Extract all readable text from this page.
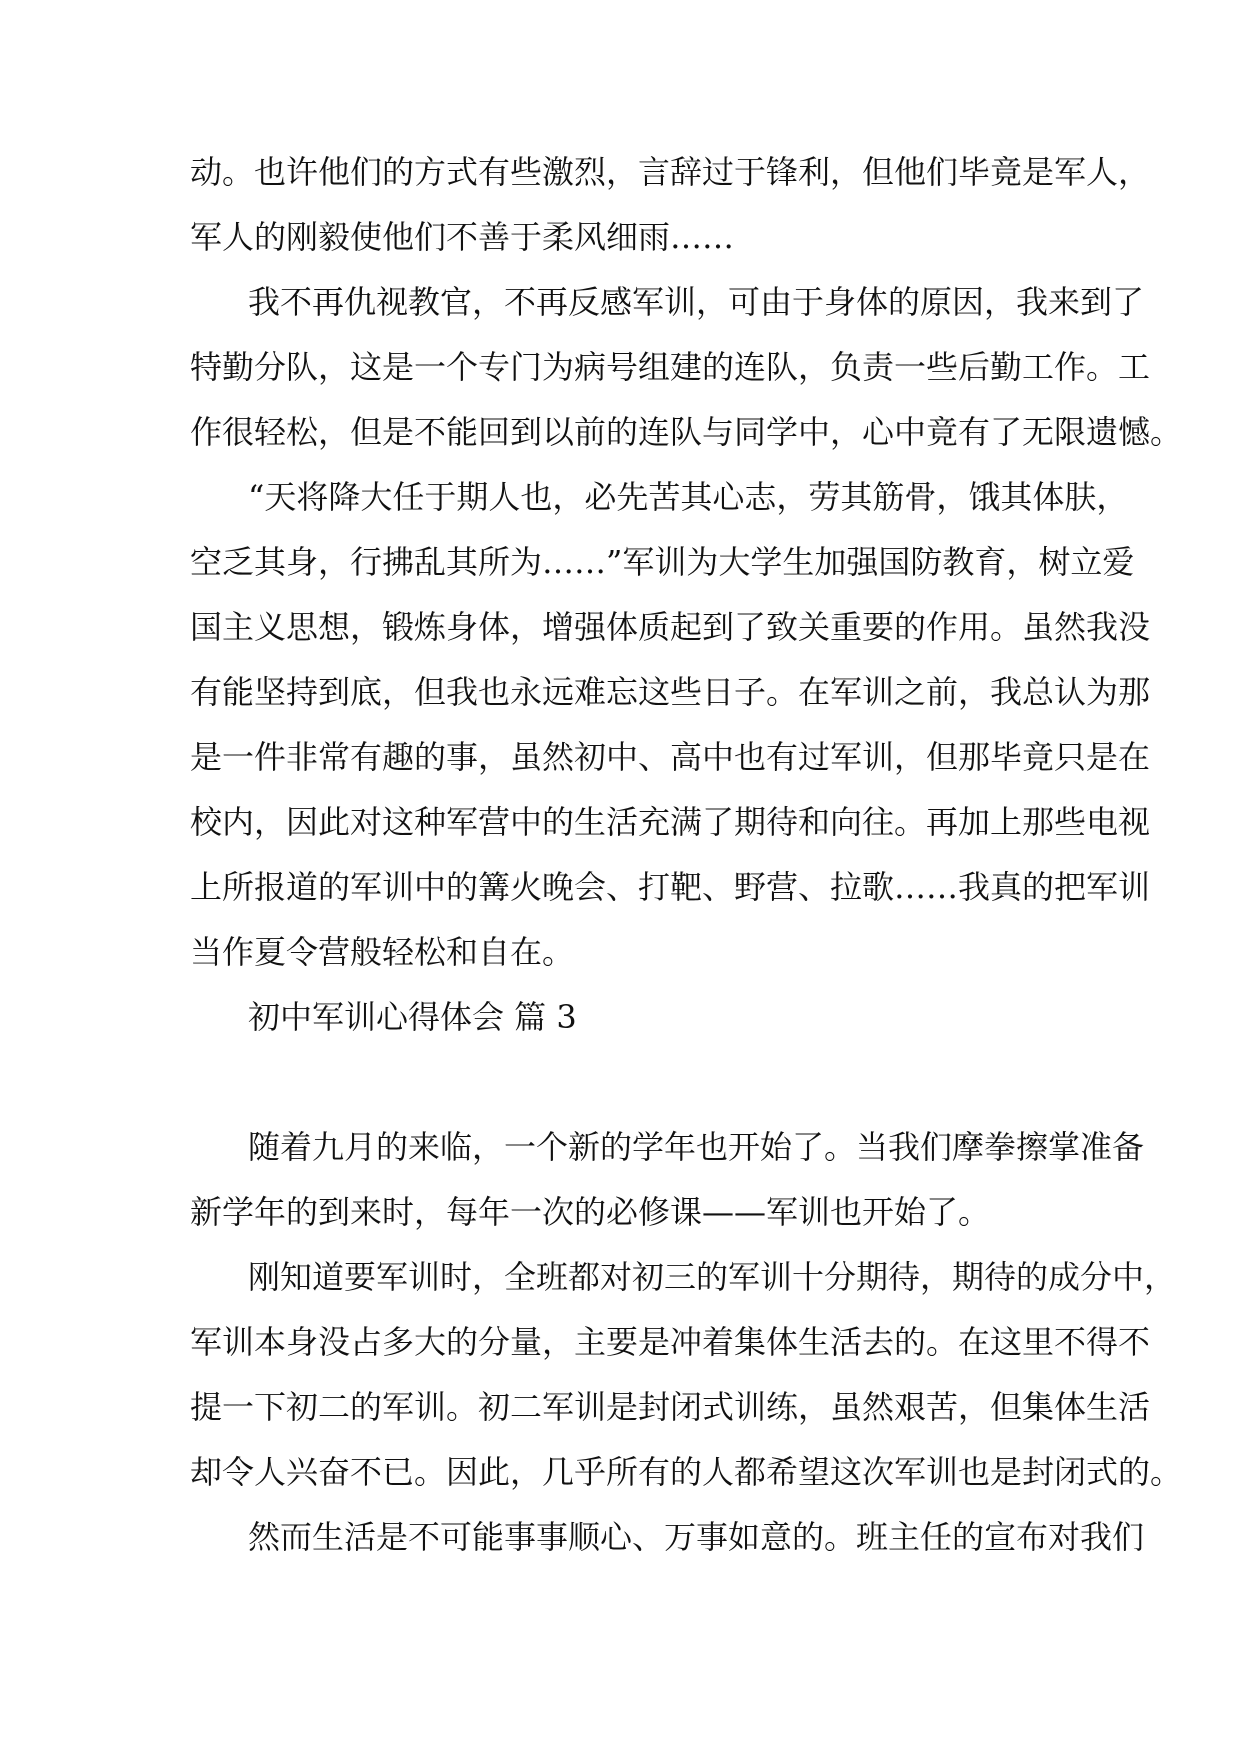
动。也许他们的方式有些激烈，言辞过于锋利，但他们毕竟是军人，
军人的刚毅使他们不善于柔风细雨……

我不再仇视教官，不再反感军训，可由于身体的原因，我来到了
特勤分队，这是一个专门为病号组建的连队，负责一些后勤工作。工
作很轻松，但是不能回到以前的连队与同学中，心中竟有了无限遗憾。

“天将降大任于期人也，必先苦其心志，劳其筋骨，饿其体肤，
空乏其身，行拂乱其所为……”军训为大学生加强国防教育，树立爱
国主义思想，锻炼身体，增强体质起到了致关重要的作用。虽然我没
有能坚持到底，但我也永远难忘这些日子。在军训之前，我总认为那
是一件非常有趣的事，虽然初中、高中也有过军训，但那毕竟只是在
校内，因此对这种军营中的生活充满了期待和向往。再加上那些电视
上所报道的军训中的篝火晚会、打靶、野营、拉歌……我真的把军训
当作夏令营般轻松和自在。

初中军训心得体会 篇 3

随着九月的来临，一个新的学年也开始了。当我们摩拳擦掌准备
新学年的到来时，每年一次的必修课——军训也开始了。

刚知道要军训时，全班都对初三的军训十分期待，期待的成分中，
军训本身没占多大的分量，主要是冲着集体生活去的。在这里不得不
提一下初二的军训。初二军训是封闭式训练，虽然艰苦，但集体生活
却令人兴奋不已。因此，几乎所有的人都希望这次军训也是封闭式的。

然而生活是不可能事事顺心、万事如意的。班主任的宣布对我们
